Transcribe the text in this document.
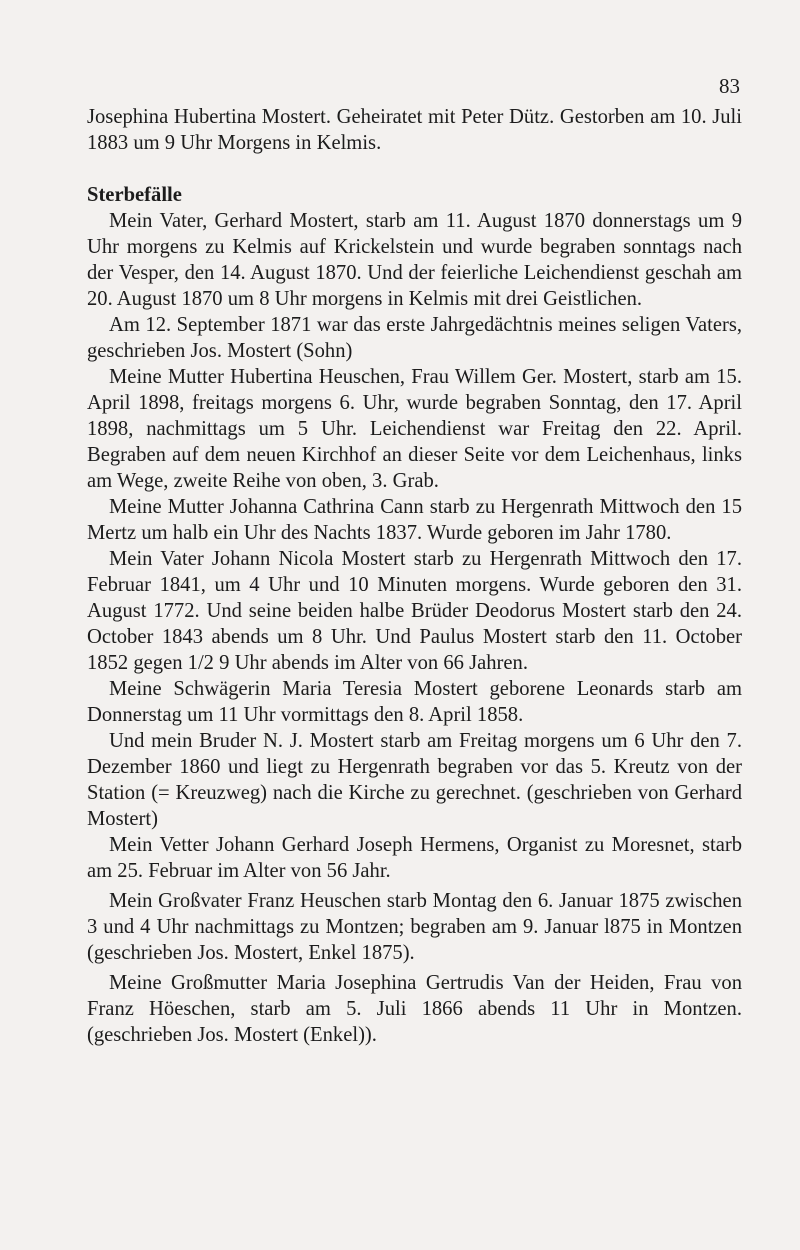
83

Josephina Hubertina Mostert. Geheiratet mit Peter Dütz. Gestorben am 10. Juli 1883 um 9 Uhr Morgens in Kelmis.

Sterbefälle

Mein Vater, Gerhard Mostert, starb am 11. August 1870 donnerstags um 9 Uhr morgens zu Kelmis auf Krickelstein und wurde begraben sonntags nach der Vesper, den 14. August 1870. Und der feierliche Leichendienst geschah am 20. August 1870 um 8 Uhr morgens in Kelmis mit drei Geistlichen.

Am 12. September 1871 war das erste Jahrgedächtnis meines seligen Vaters, geschrieben Jos. Mostert (Sohn)

Meine Mutter Hubertina Heuschen, Frau Willem Ger. Mostert, starb am 15. April 1898, freitags morgens 6. Uhr, wurde begraben Sonntag, den 17. April 1898, nachmittags um 5 Uhr. Leichendienst war Freitag den 22. April. Begraben auf dem neuen Kirchhof an dieser Seite vor dem Leichenhaus, links am Wege, zweite Reihe von oben, 3. Grab.

Meine Mutter Johanna Cathrina Cann starb zu Hergenrath Mittwoch den 15 Mertz um halb ein Uhr des Nachts 1837. Wurde geboren im Jahr 1780.

Mein Vater Johann Nicola Mostert starb zu Hergenrath Mittwoch den 17. Februar 1841, um 4 Uhr und 10 Minuten morgens. Wurde geboren den 31. August 1772. Und seine beiden halbe Brüder Deodorus Mostert starb den 24. October 1843 abends um 8 Uhr. Und Paulus Mostert starb den 11. October 1852 gegen 1/2 9 Uhr abends im Alter von 66 Jahren.

Meine Schwägerin Maria Teresia Mostert geborene Leonards starb am Donnerstag um 11 Uhr vormittags den 8. April 1858.

Und mein Bruder N. J. Mostert starb am Freitag morgens um 6 Uhr den 7. Dezember 1860 und liegt zu Hergenrath begraben vor das 5. Kreutz von der Station (= Kreuzweg) nach die Kirche zu gerechnet. (geschrieben von Gerhard Mostert)

Mein Vetter Johann Gerhard Joseph Hermens, Organist zu Moresnet, starb am 25. Februar im Alter von 56 Jahr.

Mein Großvater Franz Heuschen starb Montag den 6. Januar 1875 zwischen 3 und 4 Uhr nachmittags zu Montzen; begraben am 9. Januar l875 in Montzen (geschrieben Jos. Mostert, Enkel 1875).

Meine Großmutter Maria Josephina Gertrudis Van der Heiden, Frau von Franz Höeschen, starb am 5. Juli 1866 abends 11 Uhr in Montzen. (geschrieben Jos. Mostert (Enkel)).
